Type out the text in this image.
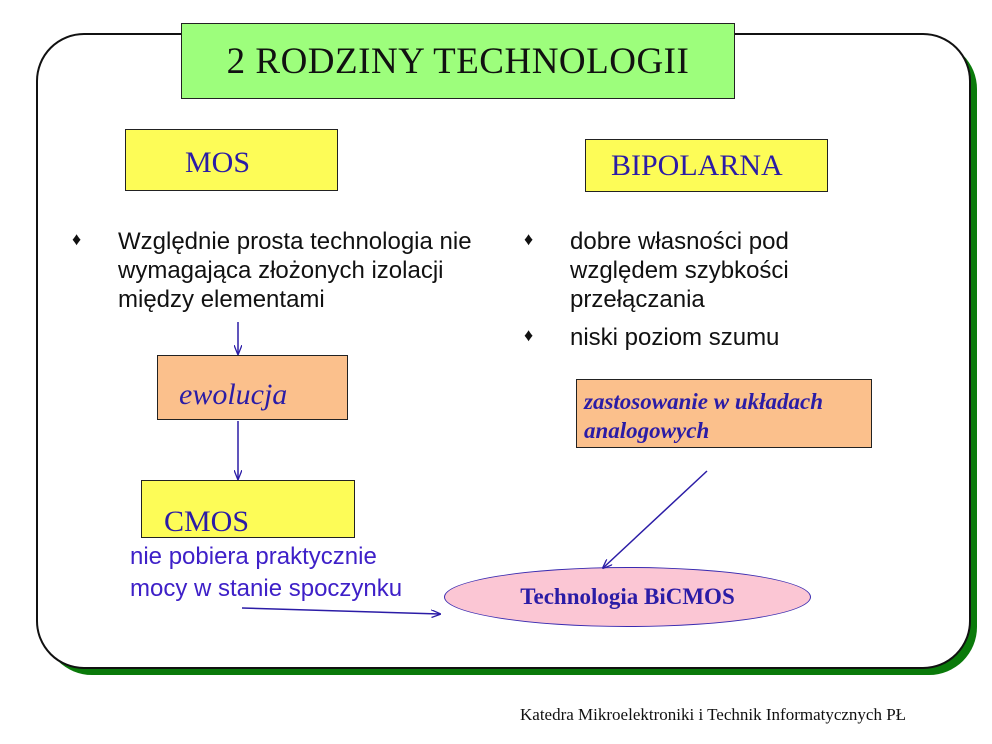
2 RODZINY TECHNOLOGII
MOS	BIPOLARNA
♦ Względnie prosta technologia nie wymagająca złożonych izolacji między elementami
♦ dobre własności pod względem szybkości przełączania
♦ niski poziom szumu
ewolucja
CMOS
nie pobiera praktycznie
mocy w stanie spoczynku
zastosowanie w układach
analogowych
Technologia BiCMOS
Katedra Mikroelektroniki i Technik Informatycznych PŁ
